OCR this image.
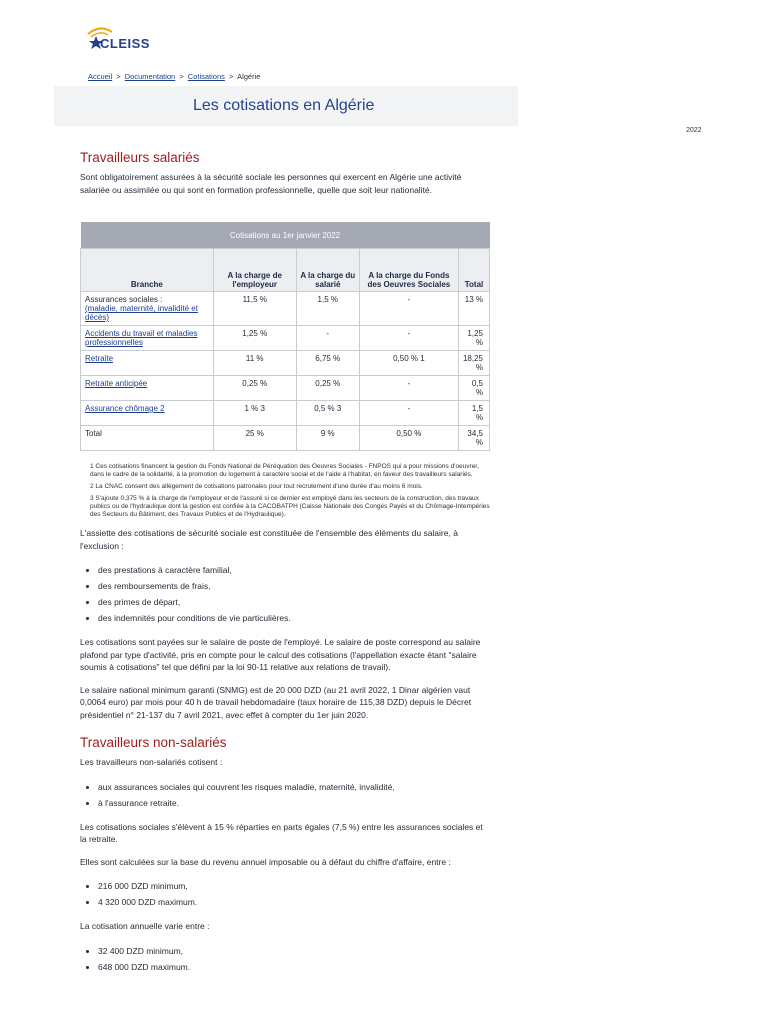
CLEISS
Accueil > Documentation > Cotisations > Algérie
Les cotisations en Algérie
2022
Travailleurs salariés

Sont obligatoirement assurées à la sécurité sociale les personnes qui exercent en Algérie une activité salariée ou assimilée ou qui sont en formation professionnelle, quelle que soit leur nationalité.

Cotisations au 1er janvier 2022				
Branche	A la charge de l'employeur	A la charge du salarié	A la charge du Fonds des Oeuvres Sociales	Total
Assurances sociales :
(maladie, maternité, invalidité et décès)	11,5 %	1,5 %	-	13 %
Accidents du travail et maladies professionnelles	1,25 %	-	-	1,25 %
Retraite	11 %	6,75 %	0,50 % 1	18,25 %
Retraite anticipée	0,25 %	0,25 %	-	0,5 %
Assurance chômage 2	1 % 3	0,5 % 3	-	1,5 %
Total	25 %	9 %	0,50 %	34,5 %
1 Ces cotisations financent la gestion du Fonds National de Péréquation des Oeuvres Sociales - FNPOS qui a pour missions d'oeuvrer, dans le cadre de la solidarité, à la promotion du logement à caractère social et de l'aide à l'habitat, en faveur des travailleurs salariés.
2 La CNAC consent des allègement de cotisations patronales pour tout recrutement d'une durée d'au moins 6 mois.
3 S'ajoute 0,375 % à la charge de l'employeur et de l'assuré si ce dernier est employé dans les secteurs de la construction, des travaux publics ou de l'hydraulique dont la gestion est confiée à la CACOBATPH (Caisse Nationale des Congés Payés et du Chômage-Intempéries des Secteurs du Bâtiment, des Travaux Publics et de l'Hydraulique).

L'assiette des cotisations de sécurité sociale est constituée de l'ensemble des éléments du salaire, à l'exclusion :

• des prestations à caractère familial,
• des remboursements de frais,
• des primes de départ,
• des indemnités pour conditions de vie particulières.

Les cotisations sont payées sur le salaire de poste de l'employé. Le salaire de poste correspond au salaire plafond par type d'activité, pris en compte pour le calcul des cotisations (l'appellation exacte étant "salaire soumis à cotisations" tel que défini par la loi 90-11 relative aux relations de travail).

Le salaire national minimum garanti (SNMG) est de 20 000 DZD (au 21 avril 2022, 1 Dinar algérien vaut 0,0064 euro) par mois pour 40 h de travail hebdomadaire (taux horaire de 115,38 DZD) depuis le Décret présidentiel n° 21-137 du 7 avril 2021, avec effet à compter du 1er juin 2020.

Travailleurs non-salariés

Les travailleurs non-salariés cotisent :

• aux assurances sociales qui couvrent les risques maladie, maternité, invalidité,
• à l'assurance retraite.

Les cotisations sociales s'élèvent à 15 % réparties en parts égales (7,5 %) entre les assurances sociales et la retraite.

Elles sont calculées sur la base du revenu annuel imposable ou à défaut du chiffre d'affaire, entre :

• 216 000 DZD minimum,
• 4 320 000 DZD maximum.

La cotisation annuelle varie entre :

• 32 400 DZD minimum,
• 648 000 DZD maximum.
